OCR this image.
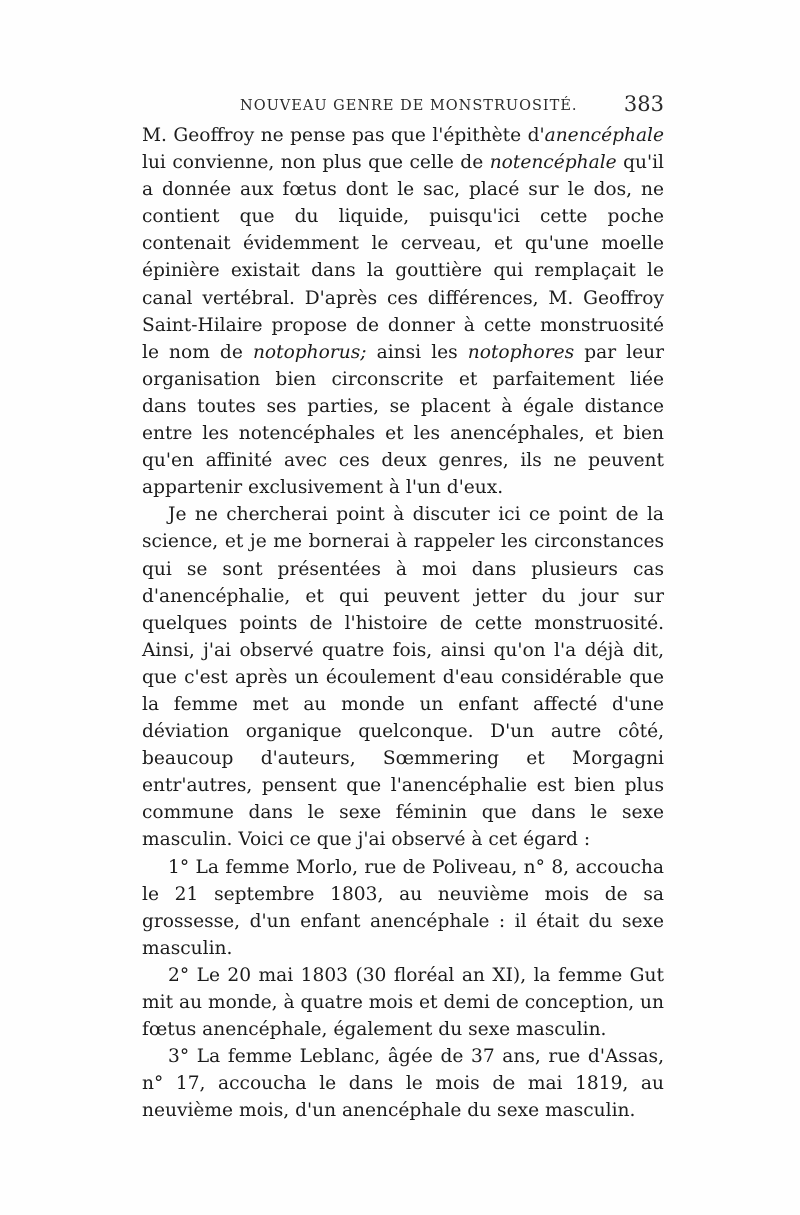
NOUVEAU GENRE DE MONSTRUOSITÉ. 383

M. Geoffroy ne pense pas que l'épithète d'anencéphale lui convienne, non plus que celle de notencéphale qu'il a donnée aux fœtus dont le sac, placé sur le dos, ne contient que du liquide, puisqu'ici cette poche contenait évidemment le cerveau, et qu'une moelle épinière existait dans la gouttière qui remplaçait le canal vertébral. D'après ces différences, M. Geoffroy Saint-Hilaire propose de donner à cette monstruosité le nom de notophorus; ainsi les notophores par leur organisation bien circonscrite et parfaitement liée dans toutes ses parties, se placent à égale distance entre les notencéphales et les anencéphales, et bien qu'en affinité avec ces deux genres, ils ne peuvent appartenir exclusivement à l'un d'eux.

Je ne chercherai point à discuter ici ce point de la science, et je me bornerai à rappeler les circonstances qui se sont présentées à moi dans plusieurs cas d'anencéphalie, et qui peuvent jetter du jour sur quelques points de l'histoire de cette monstruosité. Ainsi, j'ai observé quatre fois, ainsi qu'on l'a déjà dit, que c'est après un écoulement d'eau considérable que la femme met au monde un enfant affecté d'une déviation organique quelconque. D'un autre côté, beaucoup d'auteurs, Sœmmering et Morgagni entr'autres, pensent que l'anencéphalie est bien plus commune dans le sexe féminin que dans le sexe masculin. Voici ce que j'ai observé à cet égard :

1° La femme Morlo, rue de Poliveau, n° 8, accoucha le 21 septembre 1803, au neuvième mois de sa grossesse, d'un enfant anencéphale : il était du sexe masculin.

2° Le 20 mai 1803 (30 floréal an XI), la femme Gut mit au monde, à quatre mois et demi de conception, un fœtus anencéphale, également du sexe masculin.

3° La femme Leblanc, âgée de 37 ans, rue d'Assas, n° 17, accoucha le dans le mois de mai 1819, au neuvième mois, d'un anencéphale du sexe masculin.
